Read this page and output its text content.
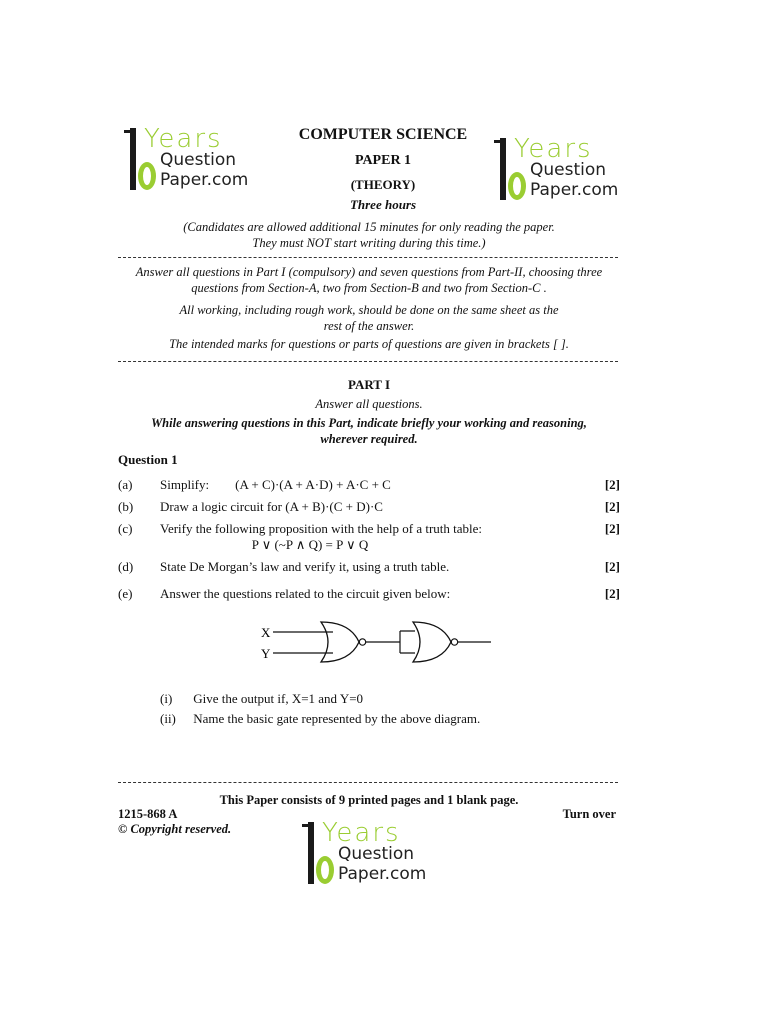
Years
Question
Paper.com
Years
Question
Paper.com
Years
Question
Paper.com
COMPUTER SCIENCE
PAPER 1
(THEORY)
Three hours
(Candidates are allowed additional 15 minutes for only reading the paper.
They must NOT start writing during this time.)
Answer all questions in Part I (compulsory) and seven questions from Part-II, choosing three
questions from Section-A, two from Section-B and two from Section-C .
All working, including rough work, should be done on the same sheet as the
rest of the answer.
The intended marks for questions or parts of questions are given in brackets [ ].
PART I
Answer all questions.
While answering questions in this Part, indicate briefly your working and reasoning,
wherever required.
Question 1
(a) Simplify:        (A + C)·(A + A·D) + A·C + C	[2]
(b) Draw a logic circuit for (A + B)·(C + D)·C	[2]
(c) Verify the following proposition with the help of a truth table:	[2]
P ∨ (~P ∧ Q) = P ∨ Q
(d) State De Morgan’s law and verify it, using a truth table.	[2]
(e) Answer the questions related to the circuit given below:	[2]
X
Y
(i) Give the output if, X=1 and Y=0
(ii) Name the basic gate represented by the above diagram.
This Paper consists of 9 printed pages and 1 blank page.
1215-868 A	Turn over
© Copyright reserved.
